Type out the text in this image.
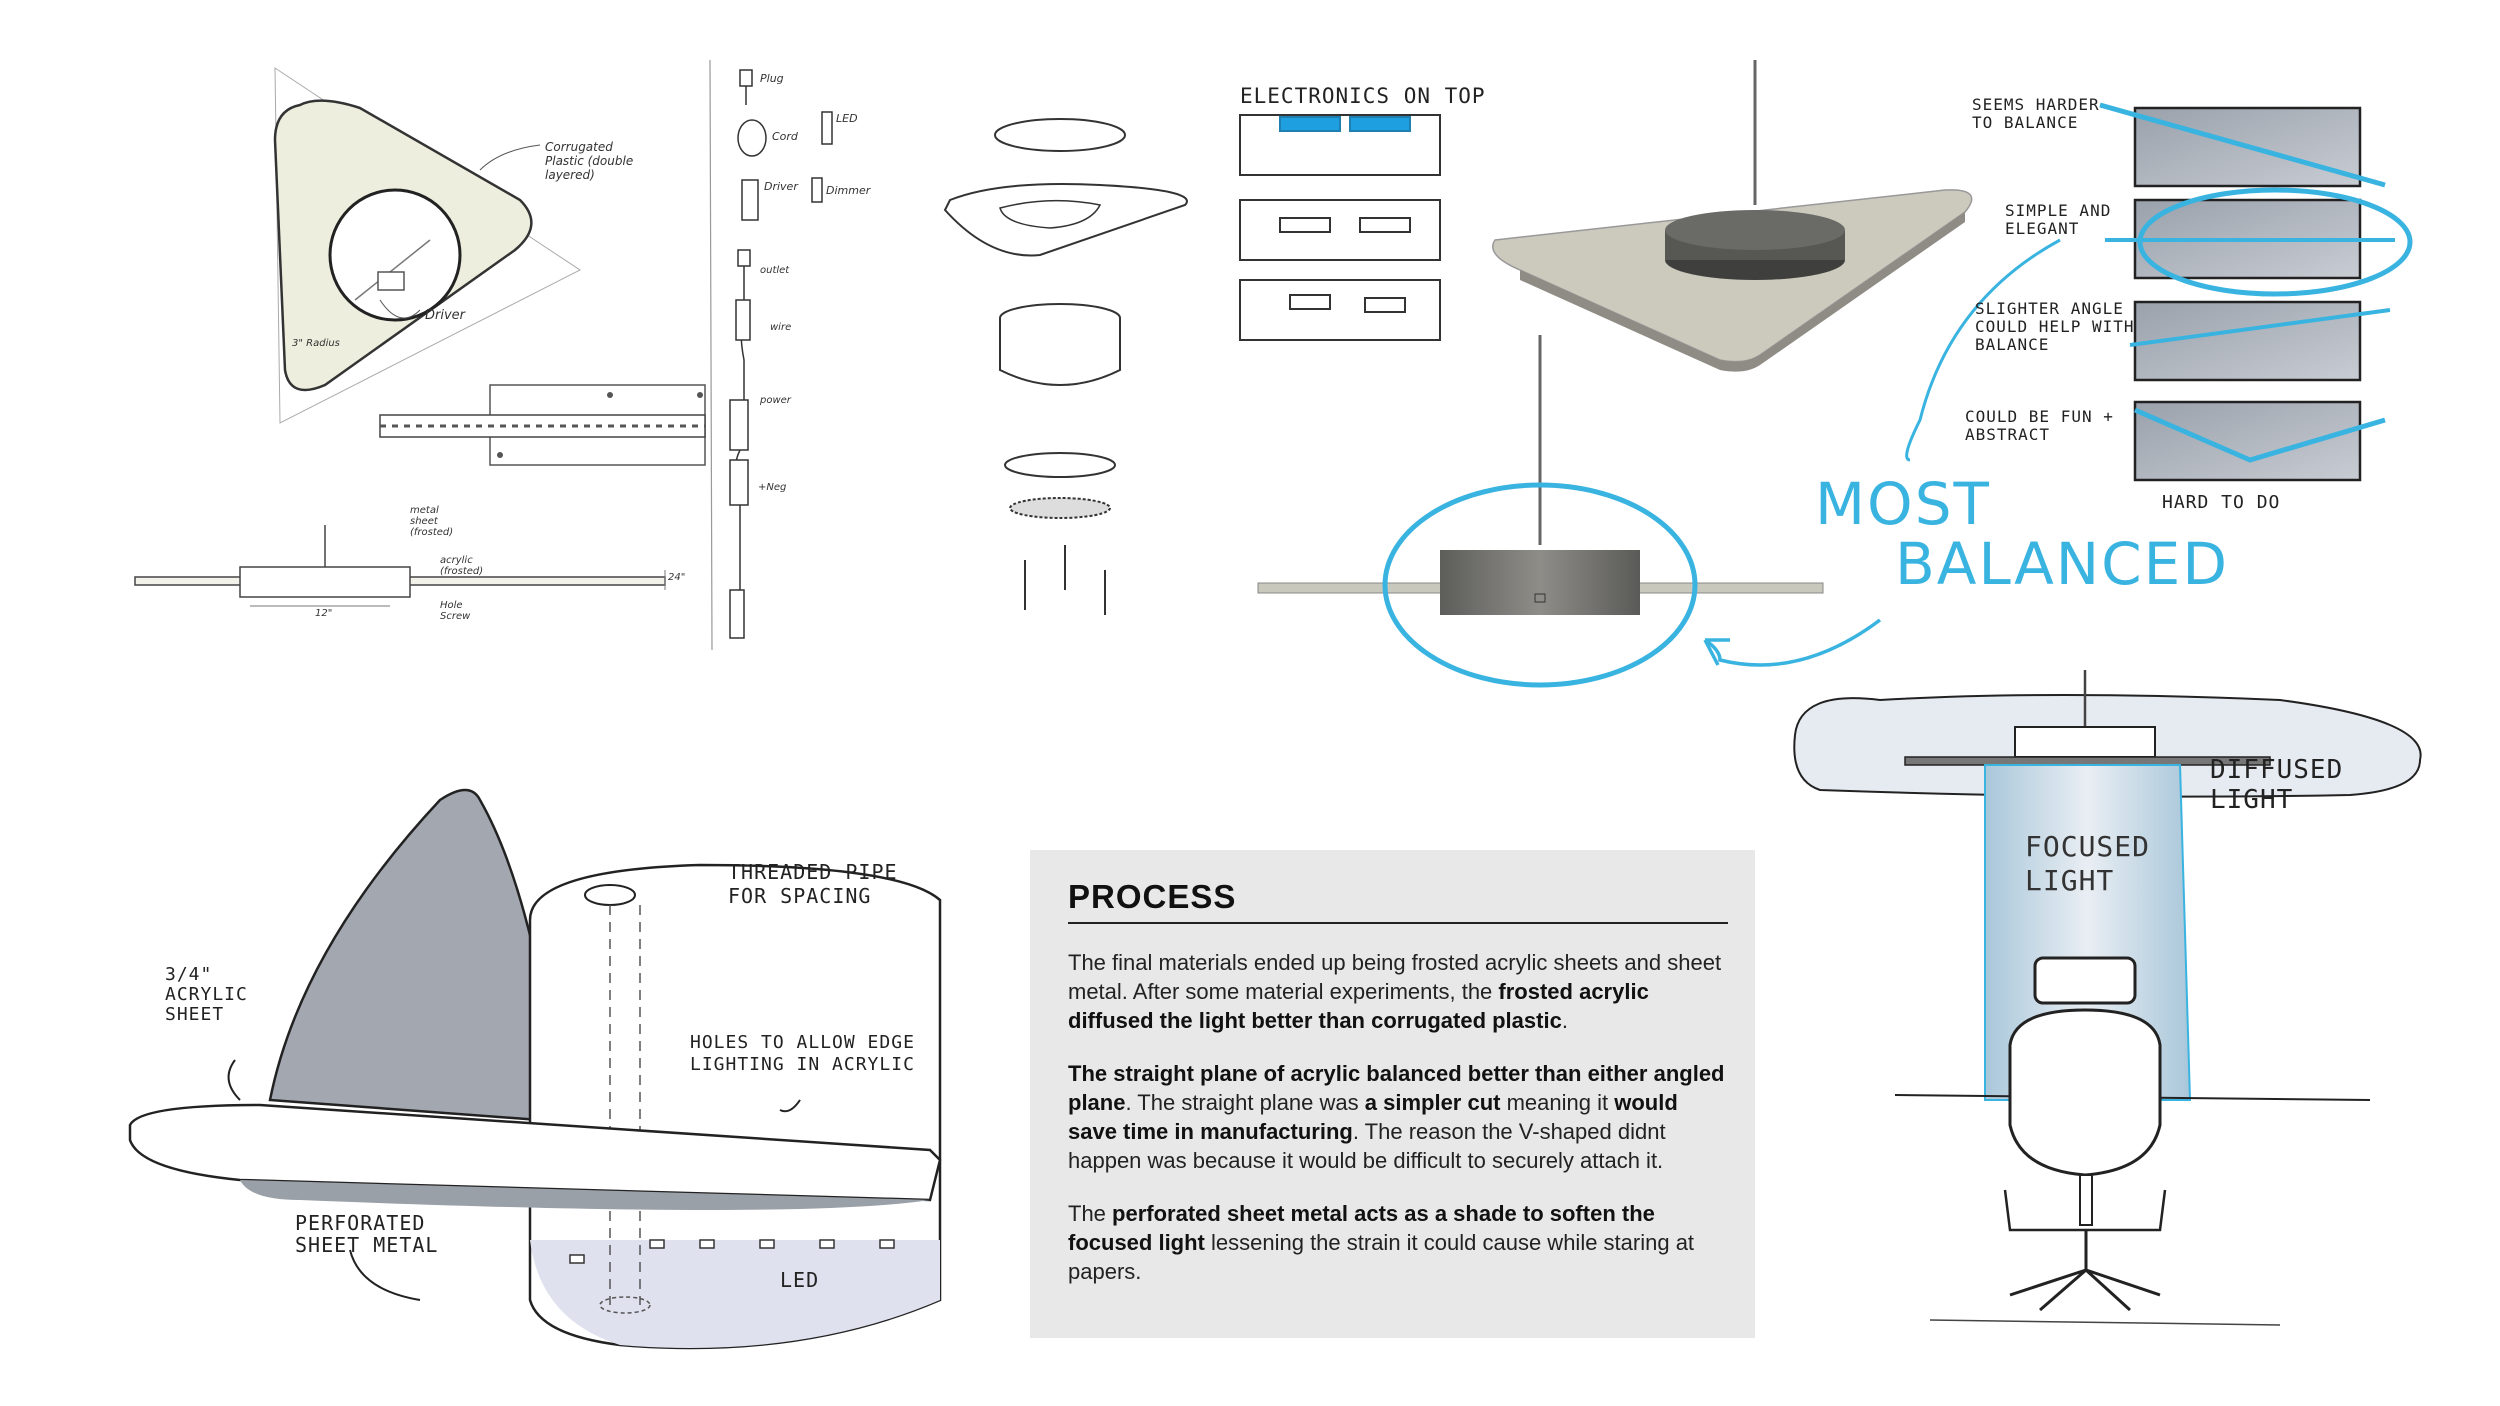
Corrugated Plastic (double layered)
Driver
3" Radius
metal sheet (frosted)
acrylic (frosted)
12"
24"
Hole Screw
Plug
Cord
LED
Driver	Dimmer
outlet
wire
power
+Neg
ELECTRONICS ON TOP	SEEMS HARDER TO BALANCE
SIMPLE AND ELEGANT
SLIGHTER ANGLE COULD HELP WITH BALANCE
COULD BE FUN + ABSTRACT
HARD TO DO
MOST
BALANCED
THREADED PIPE FOR SPACING
3/4" ACRYLIC SHEET
HOLES TO ALLOW EDGE LIGHTING IN ACRYLIC
PERFORATED SHEET METAL
LED
DIFFUSED LIGHT
FOCUSED LIGHT
PROCESS

The final materials ended up being frosted acrylic sheets and sheet metal. After some material experiments, the frosted acrylic diffused the light better than corrugated plastic.

The straight plane of acrylic balanced better than either angled plane. The straight plane was a simpler cut meaning it would save time in manufacturing. The reason the V-shaped didnt happen was because it would be difficult to securely attach it.

The perforated sheet metal acts as a shade to soften the focused light lessening the strain it could cause while staring at papers.
